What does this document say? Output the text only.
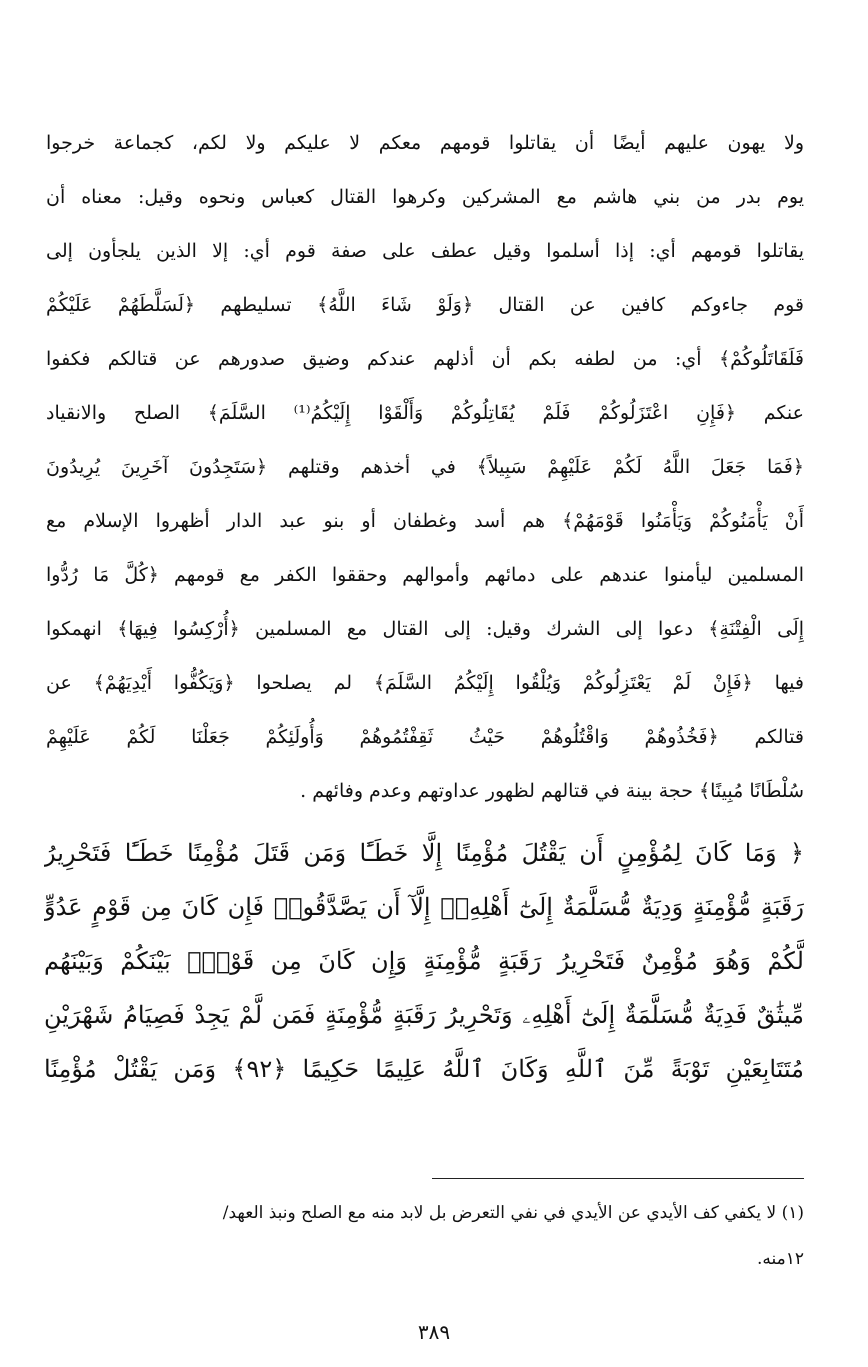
ولا يهون عليهم أيضًا أن يقاتلوا قومهم معكم لا عليكم ولا لكم، كجماعة خرجوا
يوم بدر من بني هاشم مع المشركين وكرهوا القتال كعباس ونحوه وقيل: معناه أن
يقاتلوا قومهم أي: إذا أسلموا وقيل عطف على صفة قوم أي: إلا الذين يلجأون إلى
قوم جاءوكم كافين عن القتال ﴿وَلَوْ شَاءَ اللَّهُ﴾ تسليطهم ﴿لَسَلَّطَهُمْ عَلَيْكُمْ
فَلَقَاتَلُوكُمْ﴾ أي: من لطفه بكم أن أذلهم عندكم وضيق صدورهم عن قتالكم فكفوا
عنكم ﴿فَإِنِ اعْتَزَلُوكُمْ فَلَمْ يُقَاتِلُوكُمْ وَأَلْقَوْا إِلَيْكُمُ⁽¹⁾ السَّلَمَ﴾ الصلح والانقياد
﴿فَمَا جَعَلَ اللَّهُ لَكُمْ عَلَيْهِمْ سَبِيلاً﴾ في أخذهم وقتلهم ﴿سَتَجِدُونَ آخَرِينَ يُرِيدُونَ
أَنْ يَأْمَنُوكُمْ وَيَأْمَنُوا قَوْمَهُمْ﴾ هم أسد وغطفان أو بنو عبد الدار أظهروا الإسلام مع
المسلمين ليأمنوا عندهم على دمائهم وأموالهم وحققوا الكفر مع قومهم ﴿كُلَّ مَا رُدُّوا
إِلَى الْفِتْنَةِ﴾ دعوا إلى الشرك وقيل: إلى القتال مع المسلمين ﴿أُرْكِسُوا فِيهَا﴾ انهمكوا
فيها ﴿فَإِنْ لَمْ يَعْتَزِلُوكُمْ وَيُلْقُوا إِلَيْكُمُ السَّلَمَ﴾ لم يصلحوا ﴿وَيَكُفُّوا أَيْدِيَهُمْ﴾ عن
قتالكم ﴿فَخُذُوهُمْ وَاقْتُلُوهُمْ حَيْثُ ثَقِفْتُمُوهُمْ وَأُولَئِكُمْ جَعَلْنَا لَكُمْ عَلَيْهِمْ
سُلْطَانًا مُبِينًا﴾ حجة بينة في قتالهم لظهور عداوتهم وعدم وفائهم .
﴿ وَمَا كَانَ لِمُؤْمِنٍ أَن يَقْتُلَ مُؤْمِنًا إِلَّا خَطَـًٔا وَمَن قَتَلَ مُؤْمِنًا خَطَـًٔا فَتَحْرِيرُ
رَقَبَةٍ مُّؤْمِنَةٍ وَدِيَةٌ مُّسَلَّمَةٌ إِلَىٰٓ أَهْلِهِۦٓ إِلَّآ أَن يَصَّدَّقُوا۟ فَإِن كَانَ مِن قَوْمٍ عَدُوٍّ
لَّكُمْ وَهُوَ مُؤْمِنٌ فَتَحْرِيرُ رَقَبَةٍ مُّؤْمِنَةٍ وَإِن كَانَ مِن قَوْمٍۭ بَيْنَكُمْ وَبَيْنَهُم
مِّيثَٰقٌ فَدِيَةٌ مُّسَلَّمَةٌ إِلَىٰٓ أَهْلِهِۦ وَتَحْرِيرُ رَقَبَةٍ مُّؤْمِنَةٍ فَمَن لَّمْ يَجِدْ فَصِيَامُ شَهْرَيْنِ
مُتَتَابِعَيْنِ تَوْبَةً مِّنَ ٱللَّهِ وَكَانَ ٱللَّهُ عَلِيمًا حَكِيمًا ﴿٩٢﴾ وَمَن يَقْتُلْ مُؤْمِنًا
(١) لا يكفي كف الأيدي عن الأيدي في نفي التعرض بل لابد منه مع الصلح ونبذ العهد/
١٢منه.
٣٨٩
